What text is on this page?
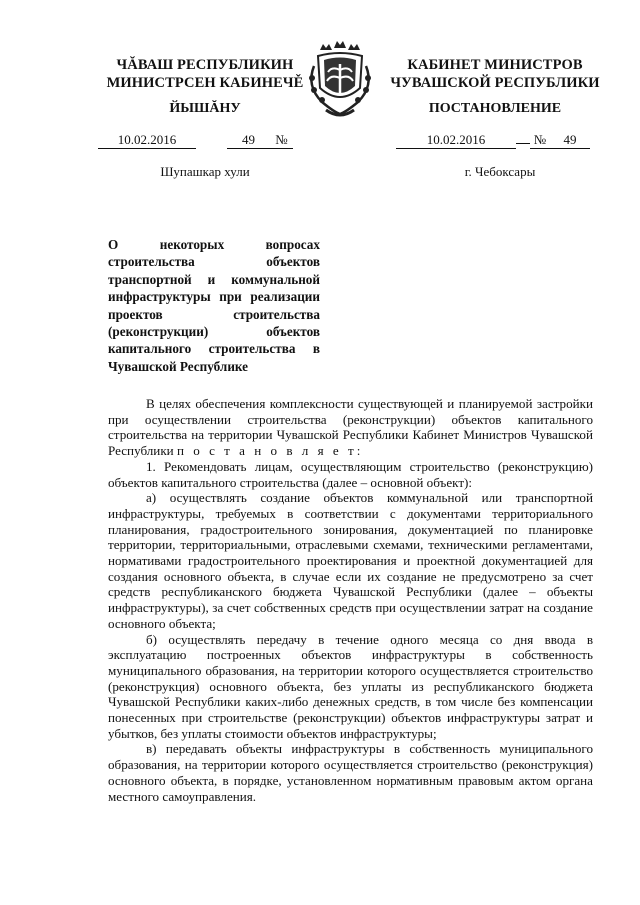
ЧĂВАШ РЕСПУБЛИКИН
МИНИСТРСЕН КАБИНЕЧĚ
КАБИНЕТ МИНИСТРОВ
ЧУВАШСКОЙ РЕСПУБЛИКИ
ЙЫШĂНУ	ПОСТАНОВЛЕНИЕ
10.02.2016	49 №	10.02.2016	№ 49
Шупашкар хули	г. Чебоксары
О некоторых вопросах строительства объектов транспортной и коммунальной инфраструктуры при реализации проектов строительства (реконструкции) объектов капитального строительства в Чувашской Республике

В целях обеспечения комплексности существующей и планируемой застройки при осуществлении строительства (реконструкции) объектов капитального строительства на территории Чувашской Республики Кабинет Министров Чувашской Республики п о с т а н о в л я е т:

1. Рекомендовать лицам, осуществляющим строительство (реконструкцию) объектов капитального строительства (далее – основной объект):

а) осуществлять создание объектов коммунальной или транспортной инфраструктуры, требуемых в соответствии с документами территориального планирования, градостроительного зонирования, документацией по планировке территории, территориальными, отраслевыми схемами, техническими регламентами, нормативами градостроительного проектирования и проектной документацией для создания основного объекта, в случае если их создание не предусмотрено за счет средств республиканского бюджета Чувашской Республики (далее – объекты инфраструктуры), за счет собственных средств при осуществлении затрат на создание основного объекта;

б) осуществлять передачу в течение одного месяца со дня ввода в эксплуатацию построенных объектов инфраструктуры в собственность муниципального образования, на территории которого осуществляется строительство (реконструкция) основного объекта, без уплаты из республиканского бюджета Чувашской Республики каких-либо денежных средств, в том числе без компенсации понесенных при строительстве (реконструкции) объектов инфраструктуры затрат и убытков, без уплаты стоимости объектов инфраструктуры;

в) передавать объекты инфраструктуры в собственность муниципального образования, на территории которого осуществляется строительство (реконструкция) основного объекта, в порядке, установленном нормативным правовым актом органа местного самоуправления.
